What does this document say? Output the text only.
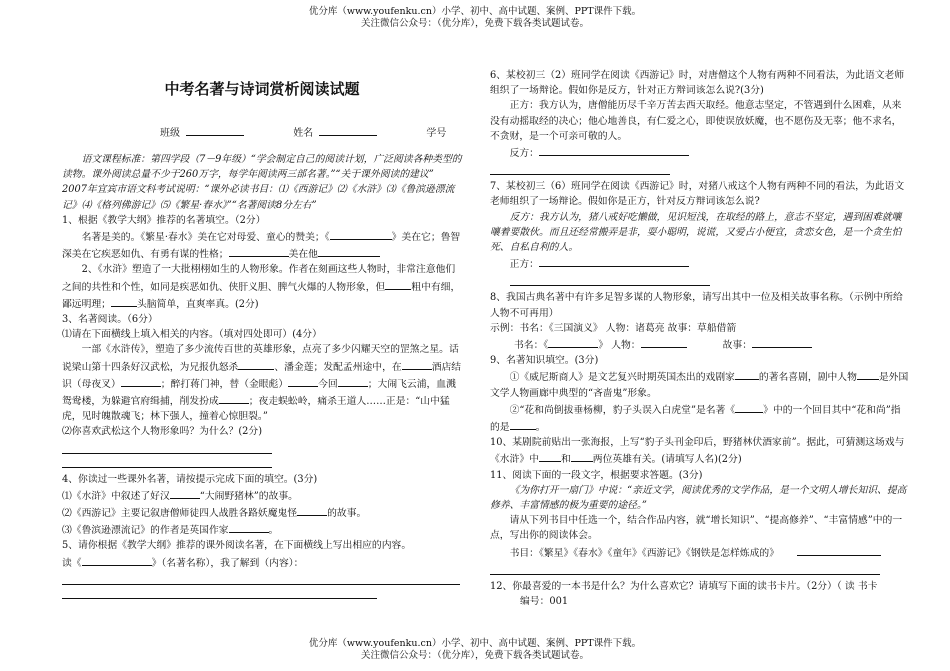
优分库（www.youfenku.cn）小学、初中、高中试题、案例、PPT课件下载。
关注微信公众号：（优分库），免费下载各类试题试卷。
中考名著与诗词赏析阅读试题
班级	姓名	学号

语文课程标准：第四学段（7－9年级）“学会制定自己的阅读计划，广泛阅读各种类型的读物。课外阅读总量不少于260万字，每学年阅读两三部名著。”“关于课外阅读的建议”

2007年宜宾市语文科考试说明：“课外必读书目：⑴《西游记》⑵《水浒》⑶《鲁滨逊漂流记》⑷《格列佛游记》⑸《繁星·春水》”“名著阅读8分左右”

1、根据《教学大纲》推荐的名著填空。（2分）

名著是美的。《繁星·春水》美在它对母爱、童心的赞美；《	》美在它；鲁智深美在它疾恶如仇、有勇有谋的性格；	美在他

2、《水浒》塑造了一大批栩栩如生的人物形象。作者在刻画这些人物时，非常注意他们之间的共性和个性，如同是疾恶如仇、侠肝义胆、脾气火爆的人物形象，但	粗中有细，鄙远明理；	头脑简单，直爽率真。(2分)

3、名著阅读。（6分）

⑴请在下面横线上填入相关的内容。（填对四处即可）(4分）

一部《水浒传》，塑造了多少流传百世的英雄形象，点亮了多少闪耀天空的罡煞之星。话说梁山第十四条好汉武松，为兄报仇怒杀	、潘金莲；发配孟州途中，在	酒店结识（母夜叉）	；醉打蒋门神，替（金眼彪）	今回	；大闹飞云浦，血溅鸳鸯楼，为躲避官府缉捕，削发扮成	；夜走蜈蚣岭，痛杀王道人……正是：“山中猛虎，见时魄散魂飞；林下强人，撞着心惊胆裂。”

⑵你喜欢武松这个人物形象吗？为什么？(2分)

4、你读过一些课外名著，请按提示完成下面的填空。(3分)

⑴《水浒》中叙述了好汉	“大闹野猪林”的故事。

⑵《西游记》主要记叙唐僧师徒四人战胜各路妖魔鬼怪	的故事。

⑶《鲁滨逊漂流记》的作者是英国作家	。

5、请你根据《教学大纲》推荐的课外阅读名著，在下面横线上写出相应的内容。

读《	》（名著名称），我了解到（内容）：

6、某校初三（2）班同学在阅读《西游记》时，对唐僧这个人物有两种不同看法，为此语文老师组织了一场辩论。假如你是反方，针对正方辩词该怎么说?(3分)

正方：我方认为，唐僧能历尽千辛万苦去西天取经。他意志坚定，不管遇到什么困难，从来没有动摇取经的决心；他心地善良，有仁爱之心，即使误放妖魔，也不愿伤及无辜；他不求名，不贪财，是一个可亲可敬的人。

反方：

7、某校初三（6）班同学在阅读《西游记》时，对猪八戒这个人物有两种不同的看法，为此语文老师组织了一场辩论。假如你是正方，针对反方辩词该怎么说?

反方：我方认为，猪八戒好吃懒做，见识短浅，在取经的路上，意志不坚定，遇到困难就嚷嚷着要散伙。而且还经常搬弄是非，耍小聪明，说谎，又爱占小便宜，贪恋女色，是一个贪生怕死、自私自利的人。

正方：

8、我国古典名著中有许多足智多谋的人物形象，请写出其中一位及相关故事名称。（示例中所给人物不可再用）

示例：书名：《三国演义》 人物：诸葛亮 故事：草船借箭

书名：《	》 人物：	故事：

9、名著知识填空。(3分)

①《威尼斯商人》是文艺复兴时期英国杰出的戏剧家 的著名喜剧，剧中人物 是外国文学人物画廊中典型的“吝啬鬼”形象。

②“花和尚倒拔垂杨柳，豹子头误入白虎堂”是名著《	》中的一个回目其中“花和尚”指的是	。

10、某剧院前贴出一张海报，上写“豹子头刊金印后，野猪林伏酒家前”。据此，可猜测这场戏与《水浒》中 和 两位英雄有关。(请填写人名)(2分)

11、阅读下面的一段文字，根据要求答题。(3分)

《为你打开一扇门》中说：“亲近文学，阅读优秀的文学作品，是一个文明人增长知识、提高修养、丰富情感的极为重要的途径。”

请从下列书目中任选一个，结合作品内容，就“增长知识”、“提高修养”、“丰富情感”中的一点，写出你的阅读体会。

书目：《繁星》《春水》《童年》《西游记》《钢铁是怎样炼成的》

12、你最喜爱的一本书是什么？为什么喜欢它？请填写下面的读书卡片。（2分）（ 读 书卡

编号：001

优分库（www.youfenku.cn）小学、初中、高中试题、案例、PPT课件下载。
关注微信公众号：（优分库），免费下载各类试题试卷。
